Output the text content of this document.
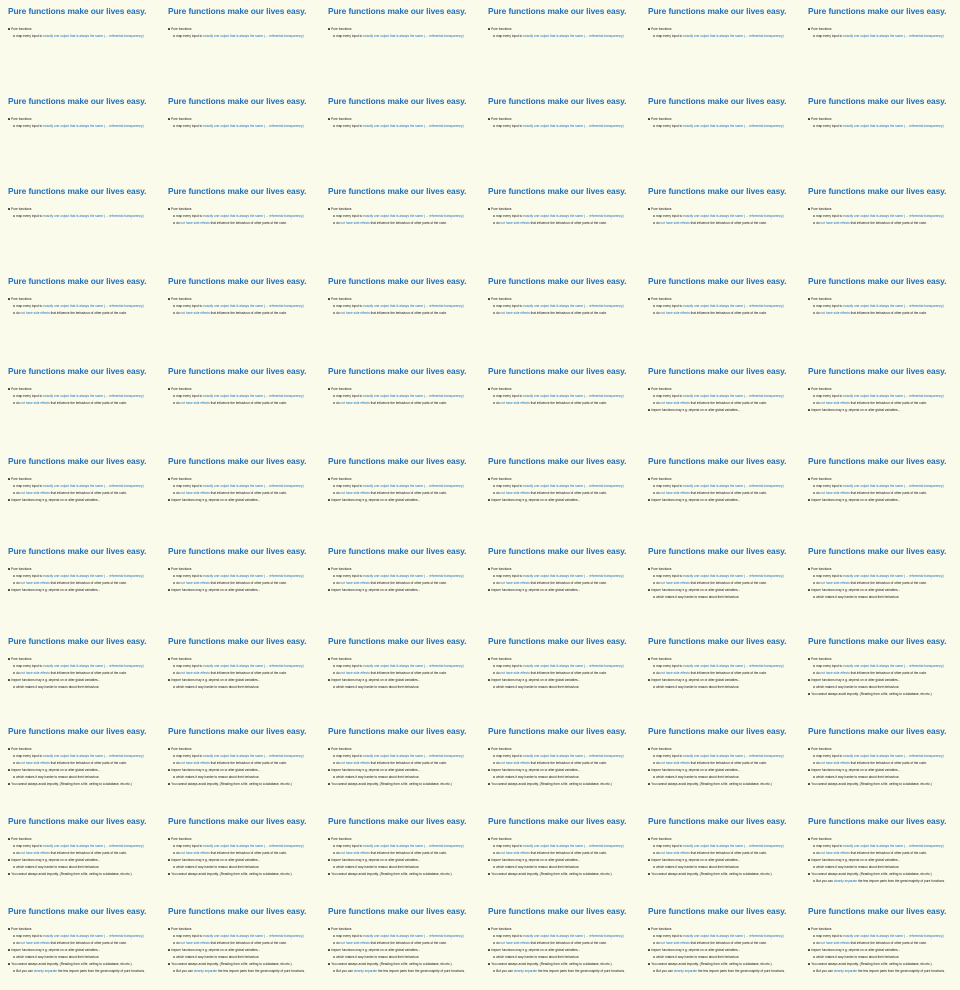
Pure functions make our lives easy.
Pure functions
map every input to exactly one output that is always the same (→ referential transparency)
Pure functions make our lives easy.
Pure functions
map every input to exactly one output that is always the same (→ referential transparency)
Pure functions make our lives easy.
Pure functions
map every input to exactly one output that is always the same (→ referential transparency)
Pure functions make our lives easy.
Pure functions
map every input to exactly one output that is always the same (→ referential transparency)
Pure functions make our lives easy.
Pure functions
map every input to exactly one output that is always the same (→ referential transparency)
Pure functions make our lives easy.
Pure functions
map every input to exactly one output that is always the same (→ referential transparency)
Pure functions make our lives easy.
Pure functions
map every input to exactly one output that is always the same (→ referential transparency)
Pure functions make our lives easy.
Pure functions
map every input to exactly one output that is always the same (→ referential transparency)
Pure functions make our lives easy.
Pure functions
map every input to exactly one output that is always the same (→ referential transparency)
Pure functions make our lives easy.
Pure functions
map every input to exactly one output that is always the same (→ referential transparency)
Pure functions make our lives easy.
Pure functions
map every input to exactly one output that is always the same (→ referential transparency)
Pure functions make our lives easy.
Pure functions
map every input to exactly one output that is always the same (→ referential transparency)
Pure functions make our lives easy.
Pure functions
map every input to exactly one output that is always the same (→ referential transparency)
Pure functions make our lives easy.
Pure functions
map every input to exactly one output that is always the same (→ referential transparency)
do not have side effects that influence the behaviour of other parts of the code.
Pure functions make our lives easy.
Pure functions
map every input to exactly one output that is always the same (→ referential transparency)
do not have side effects that influence the behaviour of other parts of the code.
Pure functions make our lives easy.
Pure functions
map every input to exactly one output that is always the same (→ referential transparency)
do not have side effects that influence the behaviour of other parts of the code.
Pure functions make our lives easy.
Pure functions
map every input to exactly one output that is always the same (→ referential transparency)
do not have side effects that influence the behaviour of other parts of the code.
Pure functions make our lives easy.
Pure functions
map every input to exactly one output that is always the same (→ referential transparency)
do not have side effects that influence the behaviour of other parts of the code.
Pure functions make our lives easy.
Pure functions
map every input to exactly one output that is always the same (→ referential transparency)
do not have side effects that influence the behaviour of other parts of the code.
Pure functions make our lives easy.
Pure functions
map every input to exactly one output that is always the same (→ referential transparency)
do not have side effects that influence the behaviour of other parts of the code.
Pure functions make our lives easy.
Pure functions
map every input to exactly one output that is always the same (→ referential transparency)
do not have side effects that influence the behaviour of other parts of the code.
Pure functions make our lives easy.
Pure functions
map every input to exactly one output that is always the same (→ referential transparency)
do not have side effects that influence the behaviour of other parts of the code.
Pure functions make our lives easy.
Pure functions
map every input to exactly one output that is always the same (→ referential transparency)
do not have side effects that influence the behaviour of other parts of the code.
Pure functions make our lives easy.
Pure functions
map every input to exactly one output that is always the same (→ referential transparency)
do not have side effects that influence the behaviour of other parts of the code.
Pure functions make our lives easy.
Pure functions
map every input to exactly one output that is always the same (→ referential transparency)
do not have side effects that influence the behaviour of other parts of the code.
Pure functions make our lives easy.
Pure functions
map every input to exactly one output that is always the same (→ referential transparency)
do not have side effects that influence the behaviour of other parts of the code.
Pure functions make our lives easy.
Pure functions
map every input to exactly one output that is always the same (→ referential transparency)
do not have side effects that influence the behaviour of other parts of the code.
Pure functions make our lives easy.
Pure functions
map every input to exactly one output that is always the same (→ referential transparency)
do not have side effects that influence the behaviour of other parts of the code.
Pure functions make our lives easy.
Pure functions
map every input to exactly one output that is always the same (→ referential transparency)
do not have side effects that influence the behaviour of other parts of the code.
Impure functions may e.g. depend on or alter global variables...
Pure functions make our lives easy.
Pure functions
map every input to exactly one output that is always the same (→ referential transparency)
do not have side effects that influence the behaviour of other parts of the code.
Impure functions may e.g. depend on or alter global variables...
Pure functions make our lives easy.
Pure functions
map every input to exactly one output that is always the same (→ referential transparency)
do not have side effects that influence the behaviour of other parts of the code.
Impure functions may e.g. depend on or alter global variables...
Pure functions make our lives easy.
Pure functions
map every input to exactly one output that is always the same (→ referential transparency)
do not have side effects that influence the behaviour of other parts of the code.
Impure functions may e.g. depend on or alter global variables...
Pure functions make our lives easy.
Pure functions
map every input to exactly one output that is always the same (→ referential transparency)
do not have side effects that influence the behaviour of other parts of the code.
Impure functions may e.g. depend on or alter global variables...
Pure functions make our lives easy.
Pure functions
map every input to exactly one output that is always the same (→ referential transparency)
do not have side effects that influence the behaviour of other parts of the code.
Impure functions may e.g. depend on or alter global variables...
Pure functions make our lives easy.
Pure functions
map every input to exactly one output that is always the same (→ referential transparency)
do not have side effects that influence the behaviour of other parts of the code.
Impure functions may e.g. depend on or alter global variables...
Pure functions make our lives easy.
Pure functions
map every input to exactly one output that is always the same (→ referential transparency)
do not have side effects that influence the behaviour of other parts of the code.
Impure functions may e.g. depend on or alter global variables...
Pure functions make our lives easy.
Pure functions
map every input to exactly one output that is always the same (→ referential transparency)
do not have side effects that influence the behaviour of other parts of the code.
Impure functions may e.g. depend on or alter global variables...
Pure functions make our lives easy.
Pure functions
map every input to exactly one output that is always the same (→ referential transparency)
do not have side effects that influence the behaviour of other parts of the code.
Impure functions may e.g. depend on or alter global variables...
Pure functions make our lives easy.
Pure functions
map every input to exactly one output that is always the same (→ referential transparency)
do not have side effects that influence the behaviour of other parts of the code.
Impure functions may e.g. depend on or alter global variables...
Pure functions make our lives easy.
Pure functions
map every input to exactly one output that is always the same (→ referential transparency)
do not have side effects that influence the behaviour of other parts of the code.
Impure functions may e.g. depend on or alter global variables...
Pure functions make our lives easy.
Pure functions
map every input to exactly one output that is always the same (→ referential transparency)
do not have side effects that influence the behaviour of other parts of the code.
Impure functions may e.g. depend on or alter global variables...
which makes it way harder to reason about their behaviour.
Pure functions make our lives easy.
Pure functions
map every input to exactly one output that is always the same (→ referential transparency)
do not have side effects that influence the behaviour of other parts of the code.
Impure functions may e.g. depend on or alter global variables...
which makes it way harder to reason about their behaviour.
Pure functions make our lives easy.
Pure functions
map every input to exactly one output that is always the same (→ referential transparency)
do not have side effects that influence the behaviour of other parts of the code.
Impure functions may e.g. depend on or alter global variables...
which makes it way harder to reason about their behaviour.
Pure functions make our lives easy.
Pure functions
map every input to exactly one output that is always the same (→ referential transparency)
do not have side effects that influence the behaviour of other parts of the code.
Impure functions may e.g. depend on or alter global variables...
which makes it way harder to reason about their behaviour.
Pure functions make our lives easy.
Pure functions
map every input to exactly one output that is always the same (→ referential transparency)
do not have side effects that influence the behaviour of other parts of the code.
Impure functions may e.g. depend on or alter global variables...
which makes it way harder to reason about their behaviour.
Pure functions make our lives easy.
Pure functions
map every input to exactly one output that is always the same (→ referential transparency)
do not have side effects that influence the behaviour of other parts of the code.
Impure functions may e.g. depend on or alter global variables...
which makes it way harder to reason about their behaviour.
Pure functions make our lives easy.
Pure functions
map every input to exactly one output that is always the same (→ referential transparency)
do not have side effects that influence the behaviour of other parts of the code.
Impure functions may e.g. depend on or alter global variables...
which makes it way harder to reason about their behaviour.
Pure functions make our lives easy.
Pure functions
map every input to exactly one output that is always the same (→ referential transparency)
do not have side effects that influence the behaviour of other parts of the code.
Impure functions may e.g. depend on or alter global variables...
which makes it way harder to reason about their behaviour.
You cannot always avoid impurity. (Reading from a file, writing to a database, etc.etc.)
Pure functions make our lives easy.
Pure functions
map every input to exactly one output that is always the same (→ referential transparency)
do not have side effects that influence the behaviour of other parts of the code.
Impure functions may e.g. depend on or alter global variables...
which makes it way harder to reason about their behaviour.
You cannot always avoid impurity. (Reading from a file, writing to a database, etc.etc.)
Pure functions make our lives easy.
Pure functions
map every input to exactly one output that is always the same (→ referential transparency)
do not have side effects that influence the behaviour of other parts of the code.
Impure functions may e.g. depend on or alter global variables...
which makes it way harder to reason about their behaviour.
You cannot always avoid impurity. (Reading from a file, writing to a database, etc.etc.)
Pure functions make our lives easy.
Pure functions
map every input to exactly one output that is always the same (→ referential transparency)
do not have side effects that influence the behaviour of other parts of the code.
Impure functions may e.g. depend on or alter global variables...
which makes it way harder to reason about their behaviour.
You cannot always avoid impurity. (Reading from a file, writing to a database, etc.etc.)
Pure functions make our lives easy.
Pure functions
map every input to exactly one output that is always the same (→ referential transparency)
do not have side effects that influence the behaviour of other parts of the code.
Impure functions may e.g. depend on or alter global variables...
which makes it way harder to reason about their behaviour.
You cannot always avoid impurity. (Reading from a file, writing to a database, etc.etc.)
Pure functions make our lives easy.
Pure functions
map every input to exactly one output that is always the same (→ referential transparency)
do not have side effects that influence the behaviour of other parts of the code.
Impure functions may e.g. depend on or alter global variables...
which makes it way harder to reason about their behaviour.
You cannot always avoid impurity. (Reading from a file, writing to a database, etc.etc.)
Pure functions make our lives easy.
Pure functions
map every input to exactly one output that is always the same (→ referential transparency)
do not have side effects that influence the behaviour of other parts of the code.
Impure functions may e.g. depend on or alter global variables...
which makes it way harder to reason about their behaviour.
You cannot always avoid impurity. (Reading from a file, writing to a database, etc.etc.)
Pure functions make our lives easy.
Pure functions
map every input to exactly one output that is always the same (→ referential transparency)
do not have side effects that influence the behaviour of other parts of the code.
Impure functions may e.g. depend on or alter global variables...
which makes it way harder to reason about their behaviour.
You cannot always avoid impurity. (Reading from a file, writing to a database, etc.etc.)
Pure functions make our lives easy.
Pure functions
map every input to exactly one output that is always the same (→ referential transparency)
do not have side effects that influence the behaviour of other parts of the code.
Impure functions may e.g. depend on or alter global variables...
which makes it way harder to reason about their behaviour.
You cannot always avoid impurity. (Reading from a file, writing to a database, etc.etc.)
Pure functions make our lives easy.
Pure functions
map every input to exactly one output that is always the same (→ referential transparency)
do not have side effects that influence the behaviour of other parts of the code.
Impure functions may e.g. depend on or alter global variables...
which makes it way harder to reason about their behaviour.
You cannot always avoid impurity. (Reading from a file, writing to a database, etc.etc.)
Pure functions make our lives easy.
Pure functions
map every input to exactly one output that is always the same (→ referential transparency)
do not have side effects that influence the behaviour of other parts of the code.
Impure functions may e.g. depend on or alter global variables...
which makes it way harder to reason about their behaviour.
You cannot always avoid impurity. (Reading from a file, writing to a database, etc.etc.)
Pure functions make our lives easy.
Pure functions
map every input to exactly one output that is always the same (→ referential transparency)
do not have side effects that influence the behaviour of other parts of the code.
Impure functions may e.g. depend on or alter global variables...
which makes it way harder to reason about their behaviour.
You cannot always avoid impurity. (Reading from a file, writing to a database, etc.etc.)
Pure functions make our lives easy.
Pure functions
map every input to exactly one output that is always the same (→ referential transparency)
do not have side effects that influence the behaviour of other parts of the code.
Impure functions may e.g. depend on or alter global variables...
which makes it way harder to reason about their behaviour.
You cannot always avoid impurity. (Reading from a file, writing to a database, etc.etc.)
But you can cleanly separate the few impure parts from the great majority of pure functions.
Pure functions make our lives easy.
Pure functions
map every input to exactly one output that is always the same (→ referential transparency)
do not have side effects that influence the behaviour of other parts of the code.
Impure functions may e.g. depend on or alter global variables...
which makes it way harder to reason about their behaviour.
You cannot always avoid impurity. (Reading from a file, writing to a database, etc.etc.)
But you can cleanly separate the few impure parts from the great majority of pure functions.
Pure functions make our lives easy.
Pure functions
map every input to exactly one output that is always the same (→ referential transparency)
do not have side effects that influence the behaviour of other parts of the code.
Impure functions may e.g. depend on or alter global variables...
which makes it way harder to reason about their behaviour.
You cannot always avoid impurity. (Reading from a file, writing to a database, etc.etc.)
But you can cleanly separate the few impure parts from the great majority of pure functions.
Pure functions make our lives easy.
Pure functions
map every input to exactly one output that is always the same (→ referential transparency)
do not have side effects that influence the behaviour of other parts of the code.
Impure functions may e.g. depend on or alter global variables...
which makes it way harder to reason about their behaviour.
You cannot always avoid impurity. (Reading from a file, writing to a database, etc.etc.)
But you can cleanly separate the few impure parts from the great majority of pure functions.
Pure functions make our lives easy.
Pure functions
map every input to exactly one output that is always the same (→ referential transparency)
do not have side effects that influence the behaviour of other parts of the code.
Impure functions may e.g. depend on or alter global variables...
which makes it way harder to reason about their behaviour.
You cannot always avoid impurity. (Reading from a file, writing to a database, etc.etc.)
But you can cleanly separate the few impure parts from the great majority of pure functions.
Pure functions make our lives easy.
Pure functions
map every input to exactly one output that is always the same (→ referential transparency)
do not have side effects that influence the behaviour of other parts of the code.
Impure functions may e.g. depend on or alter global variables...
which makes it way harder to reason about their behaviour.
You cannot always avoid impurity. (Reading from a file, writing to a database, etc.etc.)
But you can cleanly separate the few impure parts from the great majority of pure functions.
Pure functions make our lives easy.
Pure functions
map every input to exactly one output that is always the same (→ referential transparency)
do not have side effects that influence the behaviour of other parts of the code.
Impure functions may e.g. depend on or alter global variables...
which makes it way harder to reason about their behaviour.
You cannot always avoid impurity. (Reading from a file, writing to a database, etc.etc.)
But you can cleanly separate the few impure parts from the great majority of pure functions.
